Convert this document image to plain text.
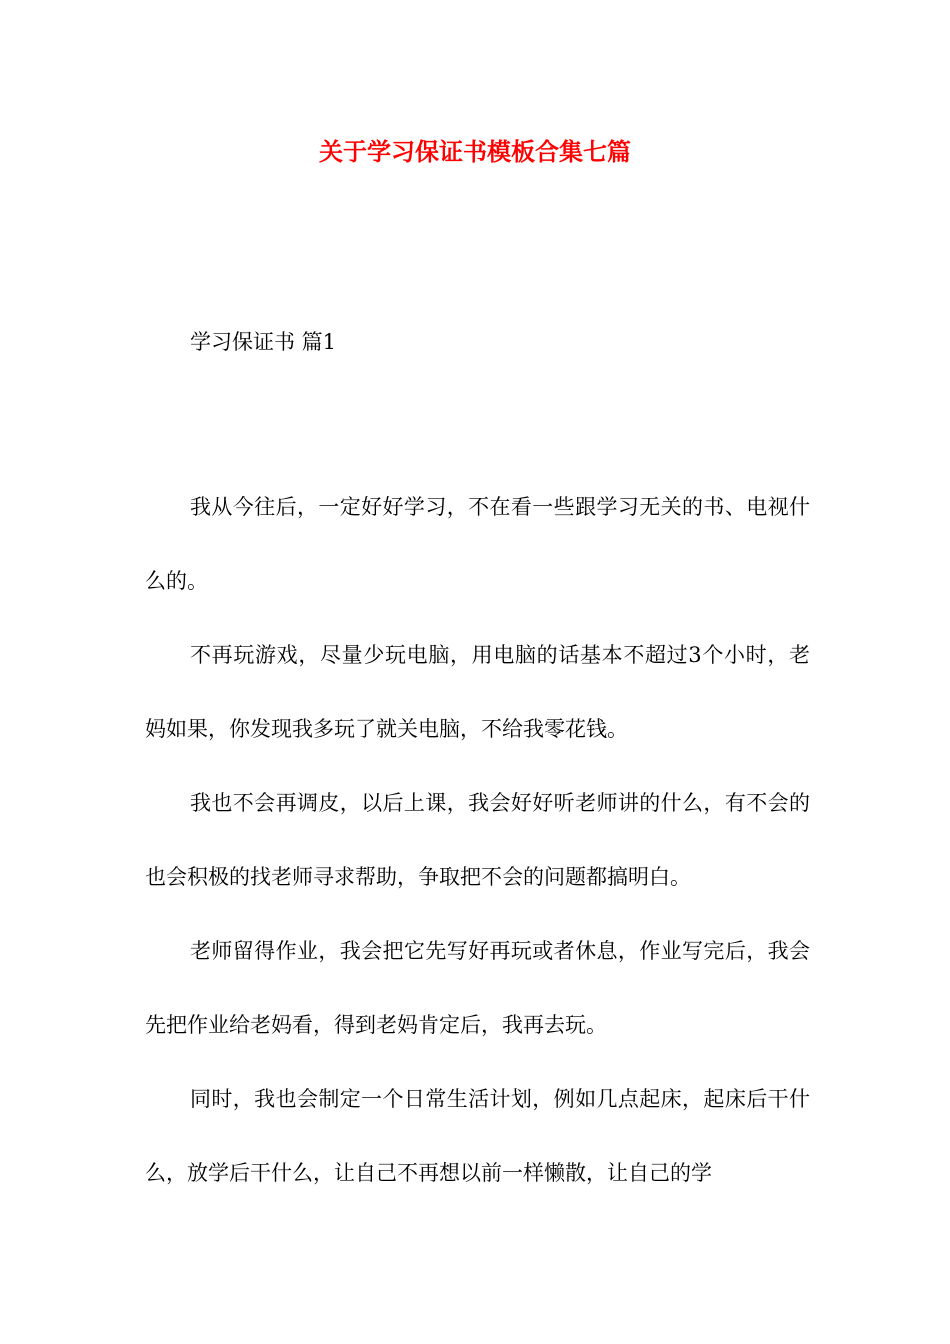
关于学习保证书模板合集七篇
学习保证书 篇1

我从今往后，一定好好学习，不在看一些跟学习无关的书、电视什么的。

不再玩游戏，尽量少玩电脑，用电脑的话基本不超过3个小时，老妈如果，你发现我多玩了就关电脑，不给我零花钱。

我也不会再调皮，以后上课，我会好好听老师讲的什么，有不会的也会积极的找老师寻求帮助，争取把不会的问题都搞明白。

老师留得作业，我会把它先写好再玩或者休息，作业写完后，我会先把作业给老妈看，得到老妈肯定后，我再去玩。

同时，我也会制定一个日常生活计划，例如几点起床，起床后干什么，放学后干什么，让自己不再想以前一样懒散，让自己的学
